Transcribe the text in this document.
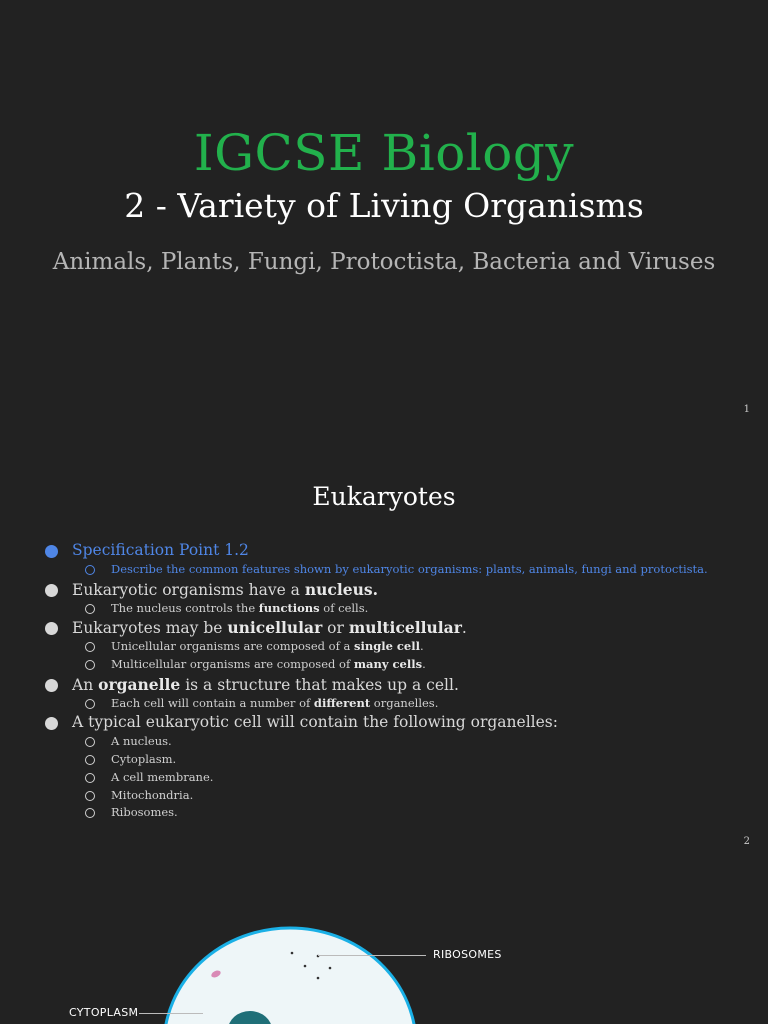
IGCSE Biology
2 - Variety of Living Organisms
Animals, Plants, Fungi, Protoctista, Bacteria and Viruses
1
Eukaryotes
Specification Point 1.2
Describe the common features shown by eukaryotic organisms: plants, animals, fungi and protoctista.
Eukaryotic organisms have a nucleus.
The nucleus controls the functions of cells.
Eukaryotes may be unicellular or multicellular.
Unicellular organisms are composed of a single cell.
Multicellular organisms are composed of many cells.
An organelle is a structure that makes up a cell.
Each cell will contain a number of different organelles.
A typical eukaryotic cell will contain the following organelles:
A nucleus.
Cytoplasm.
A cell membrane.
Mitochondria.
Ribosomes.
2
RIBOSOMES
CYTOPLASM
